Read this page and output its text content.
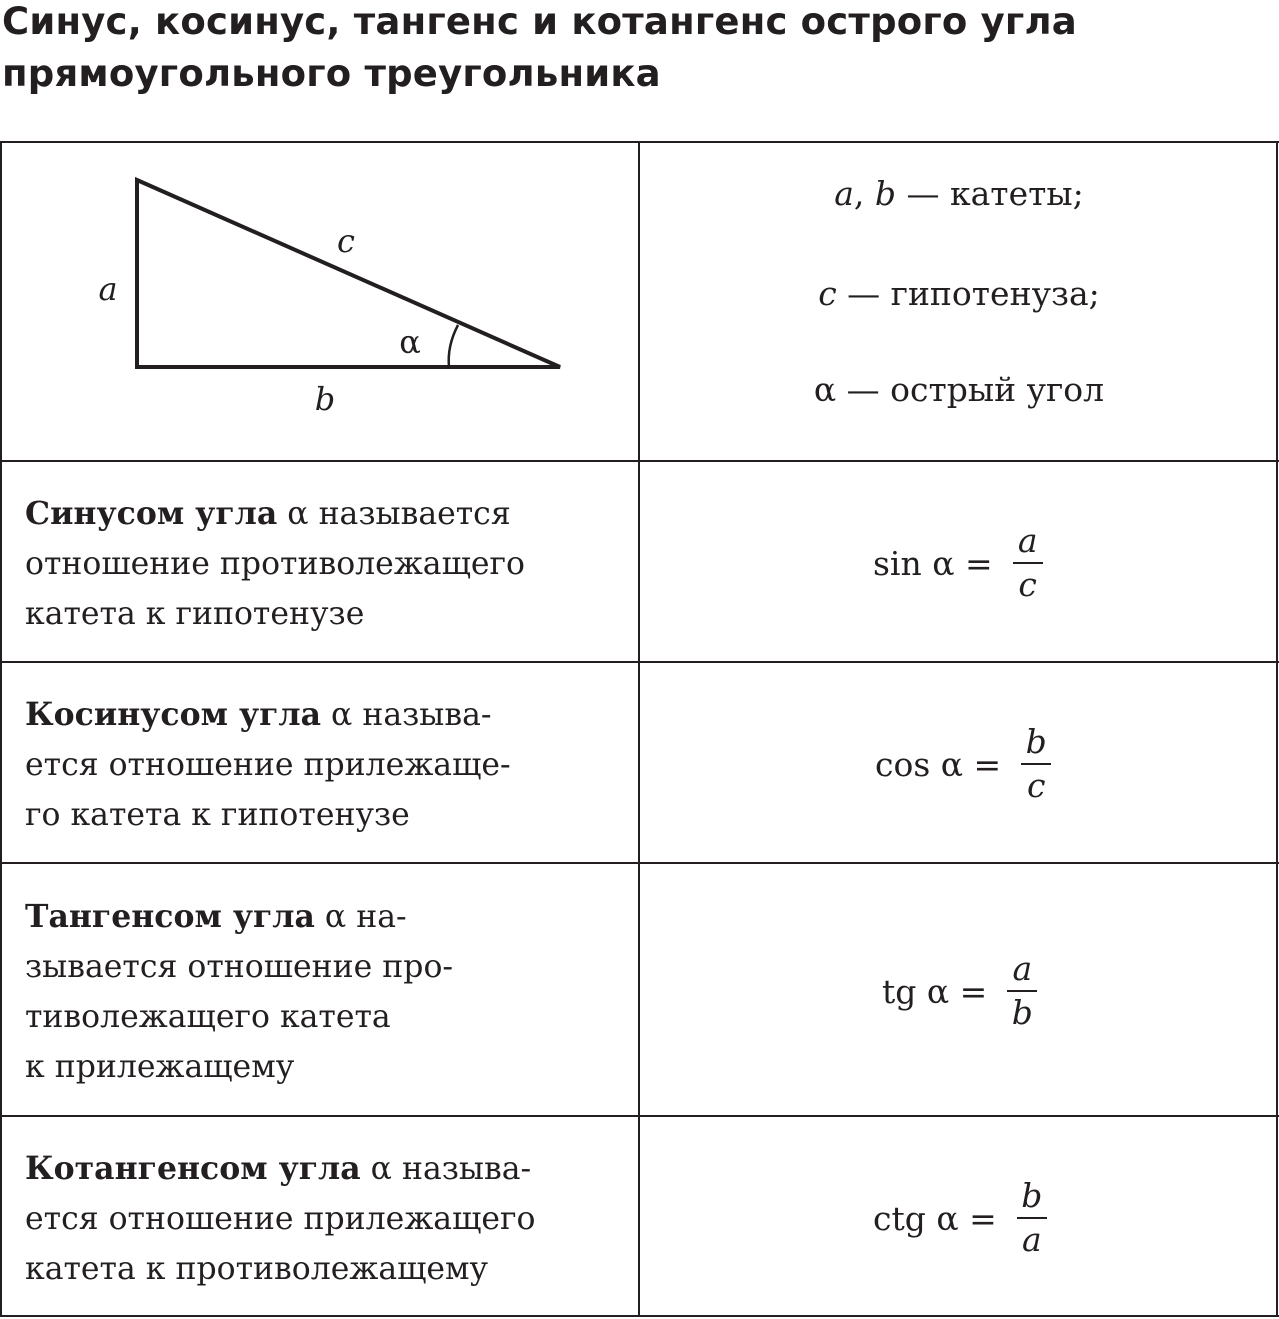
Синус, косинус, тангенс и котангенс острого угла
прямоугольного треугольника
a
c
α
b
a, b — катеты;
c — гипотенуза;
α — острый угол
Синусом угла α называется
отношение противолежащего
катета к гипотенузе
$\sin \alpha = \frac{a}{c}$
Косинусом угла α называ-
ется отношение прилежаще-
го катета к гипотенузе
$\cos \alpha = \frac{b}{c}$
Тангенсом угла α на-
зывается отношение про-
тиволежащего катета
к прилежащему
tg $\alpha = \frac{a}{b}$
Котангенсом угла α называ-
ется отношение прилежащего
катета к противолежащему
ctg $\alpha = \frac{b}{a}$
